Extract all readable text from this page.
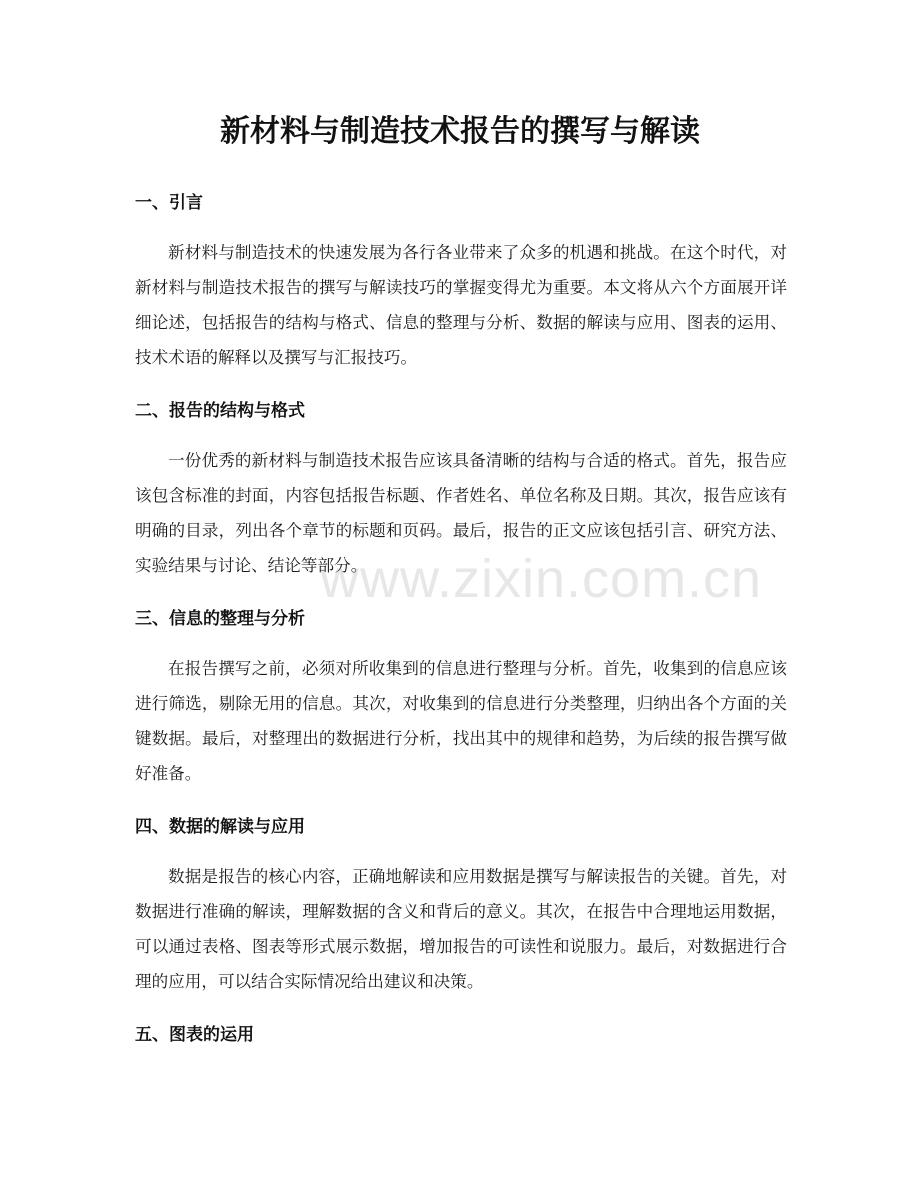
新材料与制造技术报告的撰写与解读
一、引言

新材料与制造技术的快速发展为各行各业带来了众多的机遇和挑战。在这个时代，对新材料与制造技术报告的撰写与解读技巧的掌握变得尤为重要。本文将从六个方面展开详细论述，包括报告的结构与格式、信息的整理与分析、数据的解读与应用、图表的运用、技术术语的解释以及撰写与汇报技巧。

二、报告的结构与格式

一份优秀的新材料与制造技术报告应该具备清晰的结构与合适的格式。首先，报告应该包含标准的封面，内容包括报告标题、作者姓名、单位名称及日期。其次，报告应该有明确的目录，列出各个章节的标题和页码。最后，报告的正文应该包括引言、研究方法、实验结果与讨论、结论等部分。

三、信息的整理与分析

在报告撰写之前，必须对所收集到的信息进行整理与分析。首先，收集到的信息应该进行筛选，剔除无用的信息。其次，对收集到的信息进行分类整理，归纳出各个方面的关键数据。最后，对整理出的数据进行分析，找出其中的规律和趋势，为后续的报告撰写做好准备。

四、数据的解读与应用

数据是报告的核心内容，正确地解读和应用数据是撰写与解读报告的关键。首先，对数据进行准确的解读，理解数据的含义和背后的意义。其次，在报告中合理地运用数据，可以通过表格、图表等形式展示数据，增加报告的可读性和说服力。最后，对数据进行合理的应用，可以结合实际情况给出建议和决策。

五、图表的运用
www.zixin.com.cn
